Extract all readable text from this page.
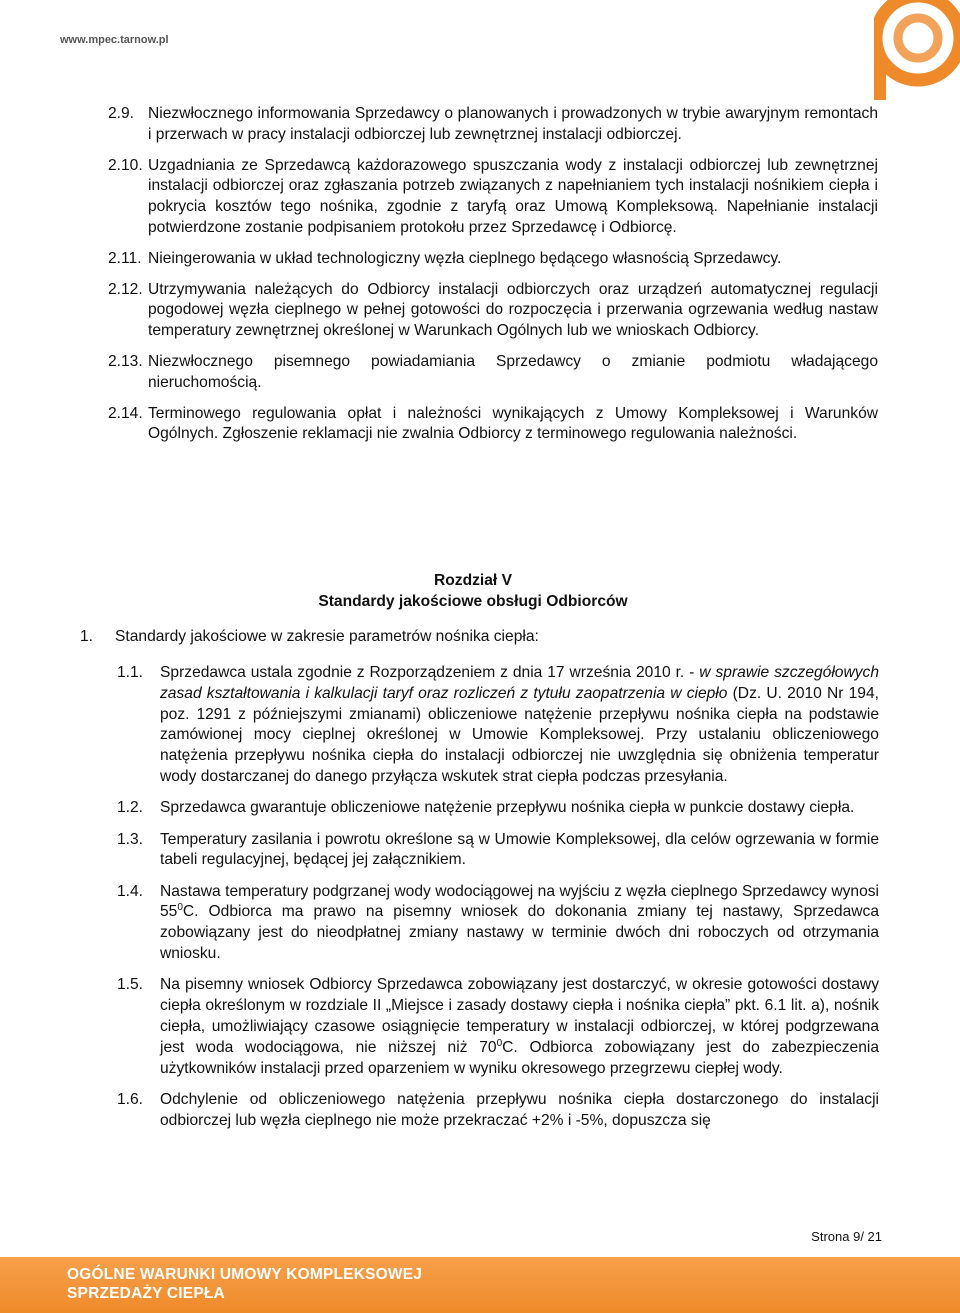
www.mpec.tarnow.pl
2.9. Niezwłocznego informowania Sprzedawcy o planowanych i prowadzonych w trybie awaryjnym remontach i przerwach w pracy instalacji odbiorczej lub zewnętrznej instalacji odbiorczej.
2.10. Uzgadniania ze Sprzedawcą każdorazowego spuszczania wody z instalacji odbiorczej lub zewnętrznej instalacji odbiorczej oraz zgłaszania potrzeb związanych z napełnianiem tych instalacji nośnikiem ciepła i pokrycia kosztów tego nośnika, zgodnie z taryfą oraz Umową Kompleksową. Napełnianie instalacji potwierdzone zostanie podpisaniem protokołu przez Sprzedawcę i Odbiorcę.
2.11. Nieingerowania w układ technologiczny węzła cieplnego będącego własnością Sprzedawcy.
2.12. Utrzymywania należących do Odbiorcy instalacji odbiorczych oraz urządzeń automatycznej regulacji pogodowej węzła cieplnego w pełnej gotowości do rozpoczęcia i przerwania ogrzewania według nastaw temperatury zewnętrznej określonej w Warunkach Ogólnych lub we wnioskach Odbiorcy.
2.13. Niezwłocznego pisemnego powiadamiania Sprzedawcy o zmianie podmiotu władającego nieruchomością.
2.14. Terminowego regulowania opłat i należności wynikających z Umowy Kompleksowej i Warunków Ogólnych. Zgłoszenie reklamacji nie zwalnia Odbiorcy z terminowego regulowania należności.
Rozdział V
Standardy jakościowe obsługi Odbiorców
1.	Standardy jakościowe w zakresie parametrów nośnika ciepła:
1.1. Sprzedawca ustala zgodnie z Rozporządzeniem z dnia 17 września 2010 r. - w sprawie szczegółowych zasad kształtowania i kalkulacji taryf oraz rozliczeń z tytułu zaopatrzenia w ciepło (Dz. U. 2010 Nr 194, poz. 1291 z późniejszymi zmianami) obliczeniowe natężenie przepływu nośnika ciepła na podstawie zamówionej mocy cieplnej określonej w Umowie Kompleksowej. Przy ustalaniu obliczeniowego natężenia przepływu nośnika ciepła do instalacji odbiorczej nie uwzględnia się obniżenia temperatur wody dostarczanej do danego przyłącza wskutek strat ciepła podczas przesyłania.
1.2. Sprzedawca gwarantuje obliczeniowe natężenie przepływu nośnika ciepła w punkcie dostawy ciepła.
1.3. Temperatury zasilania i powrotu określone są w Umowie Kompleksowej, dla celów ogrzewania w formie tabeli regulacyjnej, będącej jej załącznikiem.
1.4. Nastawa temperatury podgrzanej wody wodociągowej na wyjściu z węzła cieplnego Sprzedawcy wynosi $55^0C$. Odbiorca ma prawo na pisemny wniosek do dokonania zmiany tej nastawy, Sprzedawca zobowiązany jest do nieodpłatnej zmiany nastawy w terminie dwóch dni roboczych od otrzymania wniosku.
1.5. Na pisemny wniosek Odbiorcy Sprzedawca zobowiązany jest dostarczyć, w okresie gotowości dostawy ciepła określonym w rozdziale II „Miejsce i zasady dostawy ciepła i nośnika ciepła” pkt. 6.1 lit. a), nośnik ciepła, umożliwiający czasowe osiągnięcie temperatury w instalacji odbiorczej, w której podgrzewana jest woda wodociągowa, nie niższej niż $70^0C$. Odbiorca zobowiązany jest do zabezpieczenia użytkowników instalacji przed oparzeniem w wyniku okresowego przegrzewu ciepłej wody.
1.6. Odchylenie od obliczeniowego natężenia przepływu nośnika ciepła dostarczonego do instalacji odbiorczej lub węzła cieplnego nie może przekraczać +2% i -5%, dopuszcza się
Strona 9/ 21
OGÓLNE WARUNKI UMOWY KOMPLEKSOWEJ
SPRZEDAŻY CIEPŁA
